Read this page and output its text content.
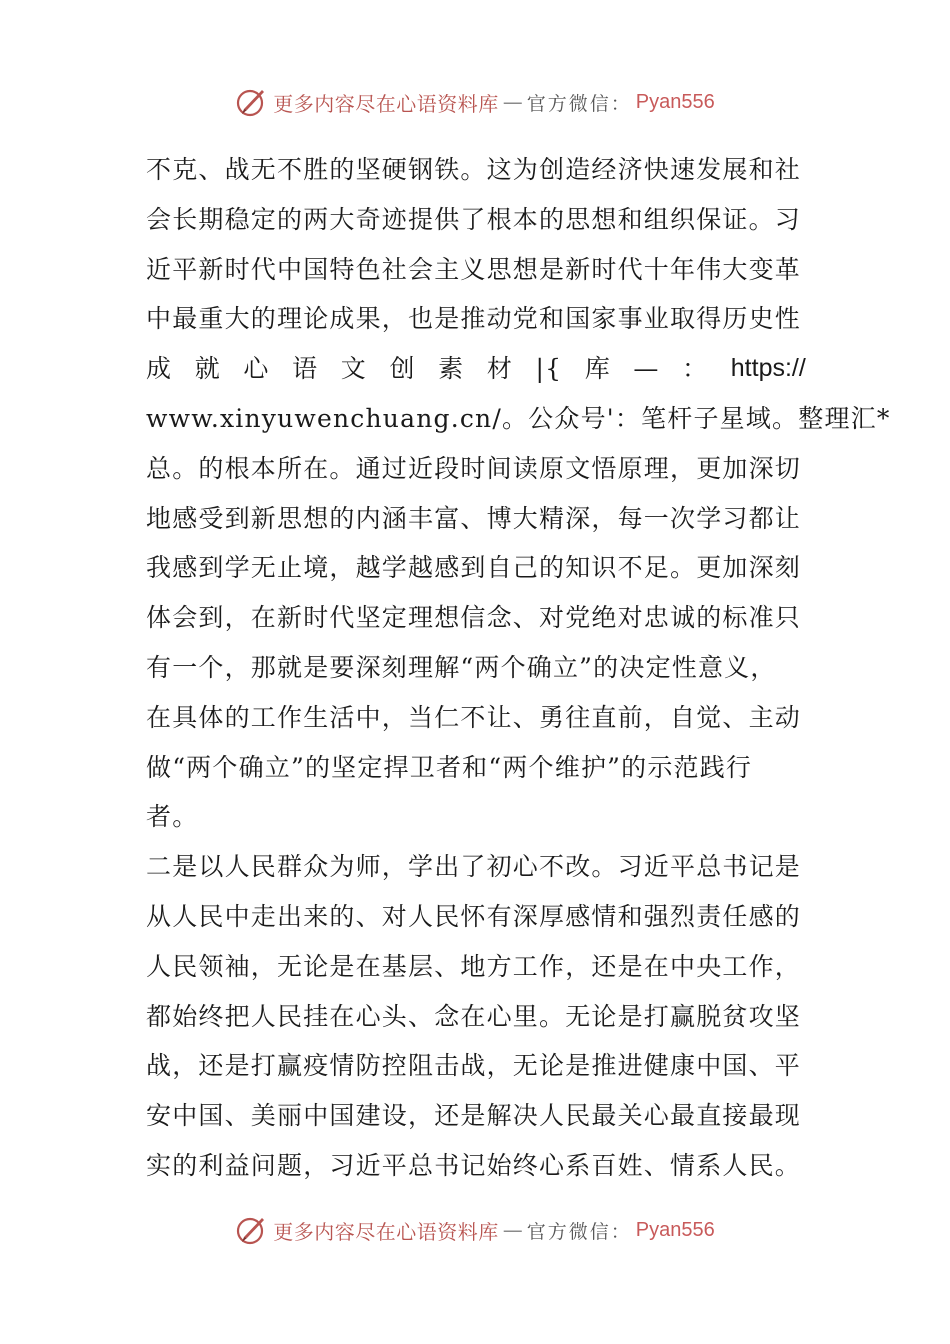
更多内容尽在心语资料库 — 官方微信： Pyan556
不克、战无不胜的坚硬钢铁。这为创造经济快速发展和社
会长期稳定的两大奇迹提供了根本的思想和组织保证。习
近平新时代中国特色社会主义思想是新时代十年伟大变革
中最重大的理论成果，也是推动党和国家事业取得历史性
成 就 心 语 文 创 素 材 |{ 库 — ： https://
www.xinyuwenchuang.cn/。公众号'：笔杆子星域。整理汇*
总。的根本所在。通过近段时间读原文悟原理，更加深切
地感受到新思想的内涵丰富、博大精深，每一次学习都让
我感到学无止境，越学越感到自己的知识不足。更加深刻
体会到，在新时代坚定理想信念、对党绝对忠诚的标准只
有一个，那就是要深刻理解“两个确立”的决定性意义，
在具体的工作生活中，当仁不让、勇往直前，自觉、主动
做“两个确立”的坚定捍卫者和“两个维护”的示范践行
者。
二是以人民群众为师，学出了初心不改。习近平总书记是
从人民中走出来的、对人民怀有深厚感情和强烈责任感的
人民领袖，无论是在基层、地方工作，还是在中央工作，
都始终把人民挂在心头、念在心里。无论是打赢脱贫攻坚
战，还是打赢疫情防控阻击战，无论是推进健康中国、平
安中国、美丽中国建设，还是解决人民最关心最直接最现
实的利益问题，习近平总书记始终心系百姓、情系人民。
更多内容尽在心语资料库 — 官方微信： Pyan556
